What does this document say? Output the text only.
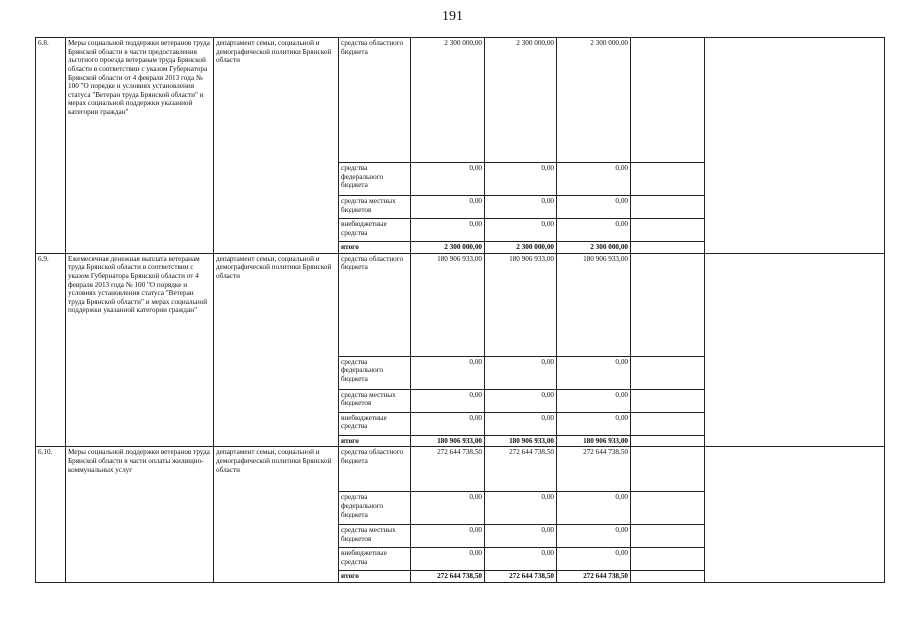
191
6.8.	Меры социальной поддержки ветеранов труда Брянской области в части предоставления льготного проезда ветеранам труда Брянской области в соответствии с указом Губернатора Брянской области от 4 февраля 2013 года № 100 "О порядке и условиях установления статуса "Ветеран труда Брянской области" и мерах социальной поддержки указанной категории граждан"	департамент семьи, социальной и демографической политики Брянской области	средства областного бюджета	2 300 000,00	2 300 000,00	2 300 000,00		
			средства федерального бюджета	0,00	0,00	0,00		
			средства местных бюджетов	0,00	0,00	0,00		
			внебюджетные средства	0,00	0,00	0,00		
			итого	2 300 000,00	2 300 000,00	2 300 000,00		
6.9.	Ежемесячная денежная выплата ветеранам труда Брянской области в соответствии с указом Губернатора Брянской области от 4 февраля 2013 года № 100 "О порядке и условиях установления статуса "Ветеран труда Брянской области" и мерах социальной поддержки указанной категории граждан"	департамент семьи, социальной и демографической политики Брянской области	средства областного бюджета	180 906 933,00	180 906 933,00	180 906 933,00		
			средства федерального бюджета	0,00	0,00	0,00		
			средства местных бюджетов	0,00	0,00	0,00		
			внебюджетные средства	0,00	0,00	0,00		
			итого	180 906 933,00	180 906 933,00	180 906 933,00		
6.10.	Меры социальной поддержки ветеранов труда Брянской области в части оплаты жилищно-коммунальных услуг	департамент семьи, социальной и демографической политики Брянской области	средства областного бюджета	272 644 738,50	272 644 738,50	272 644 738,50		
			средства федерального бюджета	0,00	0,00	0,00		
			средства местных бюджетов	0,00	0,00	0,00		
			внебюджетные средства	0,00	0,00	0,00		
			итого	272 644 738,50	272 644 738,50	272 644 738,50		
